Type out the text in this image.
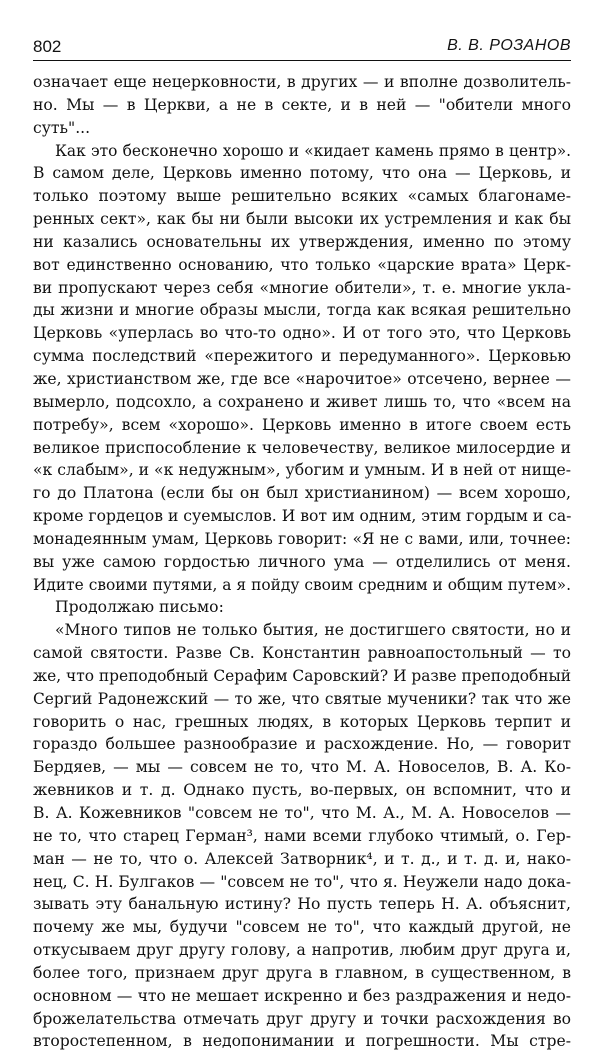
802	В. В. РОЗАНОВ
означает еще нецерковности, в других — и вполне дозволитель-
но. Мы — в Церкви, а не в секте, и в ней — "обители много
суть"...
Как это бесконечно хорошо и «кидает камень прямо в центр».
В самом деле, Церковь именно потому, что она — Церковь, и
только поэтому выше решительно всяких «самых благонаме-
ренных сект», как бы ни были высоки их устремления и как бы
ни казались основательны их утверждения, именно по этому
вот единственно основанию, что только «царские врата» Церк-
ви пропускают через себя «многие обители», т. е. многие укла-
ды жизни и многие образы мысли, тогда как всякая решительно
Церковь «уперлась во что-то одно». И от того это, что Церковь
сумма последствий «пережитого и передуманного». Церковью
же, христианством же, где все «нарочитое» отсечено, вернее —
вымерло, подсохло, а сохранено и живет лишь то, что «всем на
потребу», всем «хорошо». Церковь именно в итоге своем есть
великое приспособление к человечеству, великое милосердие и
«к слабым», и «к недужным», убогим и умным. И в ней от нище-
го до Платона (если бы он был христианином) — всем хорошо,
кроме гордецов и суемыслов. И вот им одним, этим гордым и са-
монадеянным умам, Церковь говорит: «Я не с вами, или, точнее:
вы уже самою гордостью личного ума — отделились от меня.
Идите своими путями, а я пойду своим средним и общим путем».
Продолжаю письмо:
«Много типов не только бытия, не достигшего святости, но и
самой святости. Разве Св. Константин равноапостольный — то
же, что преподобный Серафим Саровский? И разве преподобный
Сергий Радонежский — то же, что святые мученики? так что же
говорить о нас, грешных людях, в которых Церковь терпит и
гораздо большее разнообразие и расхождение. Но, — говорит
Бердяев, — мы — совсем не то, что М. А. Новоселов, В. А. Ко-
жевников и т. д. Однако пусть, во-первых, он вспомнит, что и
В. А. Кожевников "совсем не то", что М. А., М. А. Новоселов —
не то, что старец Герман³, нами всеми глубоко чтимый, о. Гер-
ман — не то, что о. Алексей Затворник⁴, и т. д., и т. д. и, нако-
нец, С. Н. Булгаков — "совсем не то", что я. Неужели надо дока-
зывать эту банальную истину? Но пусть теперь Н. А. объяснит,
почему же мы, будучи "совсем не то", что каждый другой, не
откусываем друг другу голову, а напротив, любим друг друга и,
более того, признаем друг друга в главном, в существенном, в
основном — что не мешает искренно и без раздражения и недо-
брожелательства отмечать друг другу и точки расхождения во
второстепенном, в недопонимании и погрешности. Мы стре-
